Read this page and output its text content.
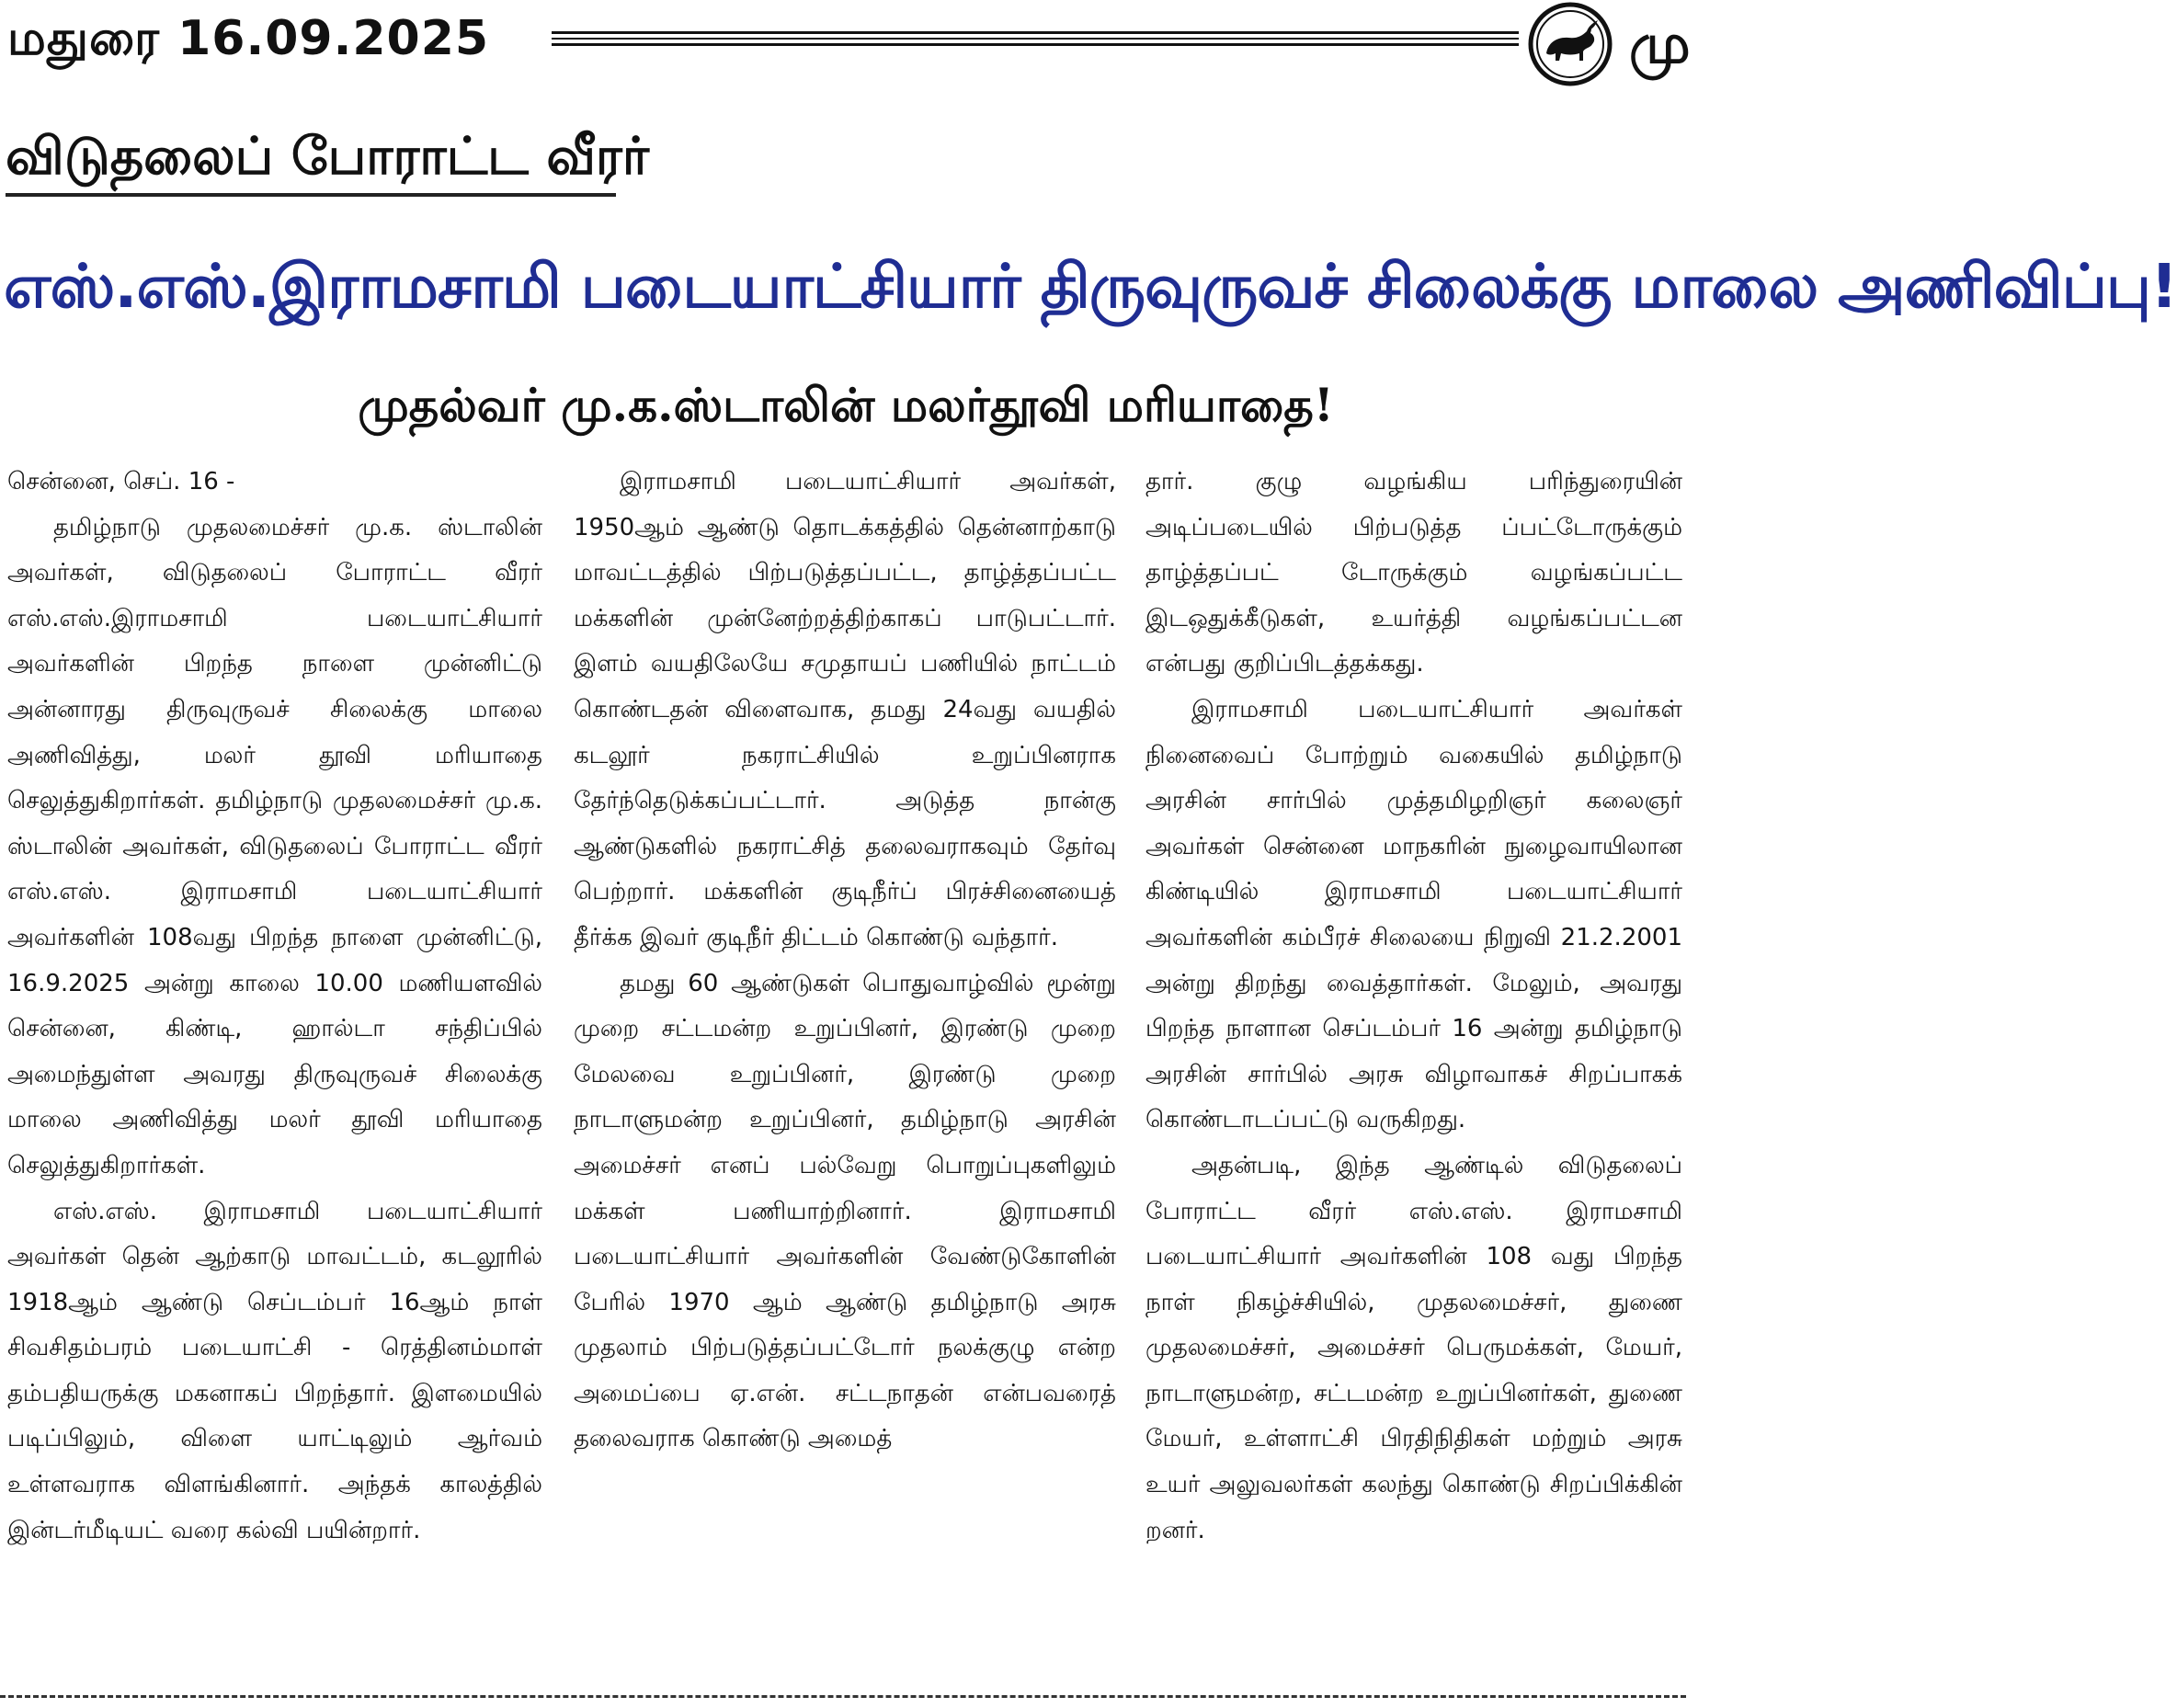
மதுரை 16.09.2025	மு
விடுதலைப் போராட்ட வீரர்
எஸ்.எஸ்.இராமசாமி படையாட்சியார் திருவுருவச் சிலைக்கு மாலை அணிவிப்பு!
முதல்வர் மு.க.ஸ்டாலின் மலர்தூவி மரியாதை!

சென்னை, செப். 16 -

தமிழ்நாடு முதலமைச்சர் மு.க. ஸ்டாலின் அவர்கள், விடுதலைப் போராட்ட வீரர் எஸ்.எஸ்.இராமசாமி படையாட்சியார் அவர்களின் பிறந்த நாளை முன்னிட்டு அன்னாரது திருவுருவச் சிலைக்கு மாலை அணிவித்து, மலர் தூவி மரியாதை செலுத்துகிறார்கள். தமிழ்நாடு முதலமைச்சர் மு.க. ஸ்டாலின் அவர்கள், விடுதலைப் போராட்ட வீரர் எஸ்.எஸ். இராமசாமி படையாட்சியார் அவர்களின் 108வது பிறந்த நாளை முன்னிட்டு, 16.9.2025 அன்று காலை 10.00 மணியளவில் சென்னை, கிண்டி, ஹால்டா சந்திப்பில் அமைந்துள்ள அவரது திருவுருவச் சிலைக்கு மாலை அணிவித்து மலர் தூவி மரியாதை செலுத்துகிறார்கள்.

எஸ்.எஸ். இராமசாமி படையாட்சியார் அவர்கள் தென் ஆற்காடு மாவட்டம், கடலூரில் 1918ஆம் ஆண்டு செப்டம்பர் 16ஆம் நாள் சிவசிதம்பரம் படையாட்சி - ரெத்தினம்மாள் தம்பதியருக்கு மகனாகப் பிறந்தார். இளமையில் படிப்பிலும், விளை யாட்டிலும் ஆர்வம் உள்ளவராக விளங்கினார். அந்தக் காலத்தில் இன்டர்மீடியட் வரை கல்வி பயின்றார்.

இராமசாமி படையாட்சியார் அவர்கள், 1950ஆம் ஆண்டு தொடக்கத்தில் தென்னாற்காடு மாவட்டத்தில் பிற்படுத்தப்பட்ட, தாழ்த்தப்பட்ட மக்களின் முன்னேற்றத்திற்காகப் பாடுபட்டார். இளம் வயதிலேயே சமுதாயப் பணியில் நாட்டம் கொண்டதன் விளைவாக, தமது 24வது வயதில் கடலூர் நகராட்சியில் உறுப்பினராக தேர்ந்தெடுக்கப்பட்டார். அடுத்த நான்கு ஆண்டுகளில் நகராட்சித் தலைவராகவும் தேர்வு பெற்றார். மக்களின் குடிநீர்ப் பிரச்சினையைத் தீர்க்க இவர் குடிநீர் திட்டம் கொண்டு வந்தார்.

தமது 60 ஆண்டுகள் பொதுவாழ்வில் மூன்று முறை சட்டமன்ற உறுப்பினர், இரண்டு முறை மேலவை உறுப்பினர், இரண்டு முறை நாடாளுமன்ற உறுப்பினர், தமிழ்நாடு அரசின் அமைச்சர் எனப் பல்வேறு பொறுப்புகளிலும் மக்கள் பணியாற்றினார். இராமசாமி படையாட்சியார் அவர்களின் வேண்டுகோளின் பேரில் 1970 ஆம் ஆண்டு தமிழ்நாடு அரசு முதலாம் பிற்படுத்தப்பட்டோர் நலக்குழு என்ற அமைப்பை ஏ.என். சட்டநாதன் என்பவரைத் தலைவராக கொண்டு அமைத்

தார். குழு வழங்கிய பரிந்துரையின் அடிப்படையில் பிற்படுத்த ப்பட்டோருக்கும் தாழ்த்தப்பட் டோருக்கும் வழங்கப்பட்ட இடஒதுக்கீடுகள், உயர்த்தி வழங்கப்பட்டன என்பது குறிப்பிடத்தக்கது.

இராமசாமி படையாட்சியார் அவர்கள் நினைவைப் போற்றும் வகையில் தமிழ்நாடு அரசின் சார்பில் முத்தமிழறிஞர் கலைஞர் அவர்கள் சென்னை மாநகரின் நுழைவாயிலான கிண்டியில் இராமசாமி படையாட்சியார் அவர்களின் கம்பீரச் சிலையை நிறுவி 21.2.2001 அன்று திறந்து வைத்தார்கள். மேலும், அவரது பிறந்த நாளான செப்டம்பர் 16 அன்று தமிழ்நாடு அரசின் சார்பில் அரசு விழாவாகச் சிறப்பாகக் கொண்டாடப்பட்டு வருகிறது.

அதன்படி, இந்த ஆண்டில் விடுதலைப் போராட்ட வீரர் எஸ்.எஸ். இராமசாமி படையாட்சியார் அவர்களின் 108 வது பிறந்த நாள் நிகழ்ச்சியில், முதலமைச்சர், துணை முதலமைச்சர், அமைச்சர் பெருமக்கள், மேயர், நாடாளுமன்ற, சட்டமன்ற உறுப்பினர்கள், துணை மேயர், உள்ளாட்சி பிரதிநிதிகள் மற்றும் அரசு உயர் அலுவலர்கள் கலந்து கொண்டு சிறப்பிக்கின் றனர்.
